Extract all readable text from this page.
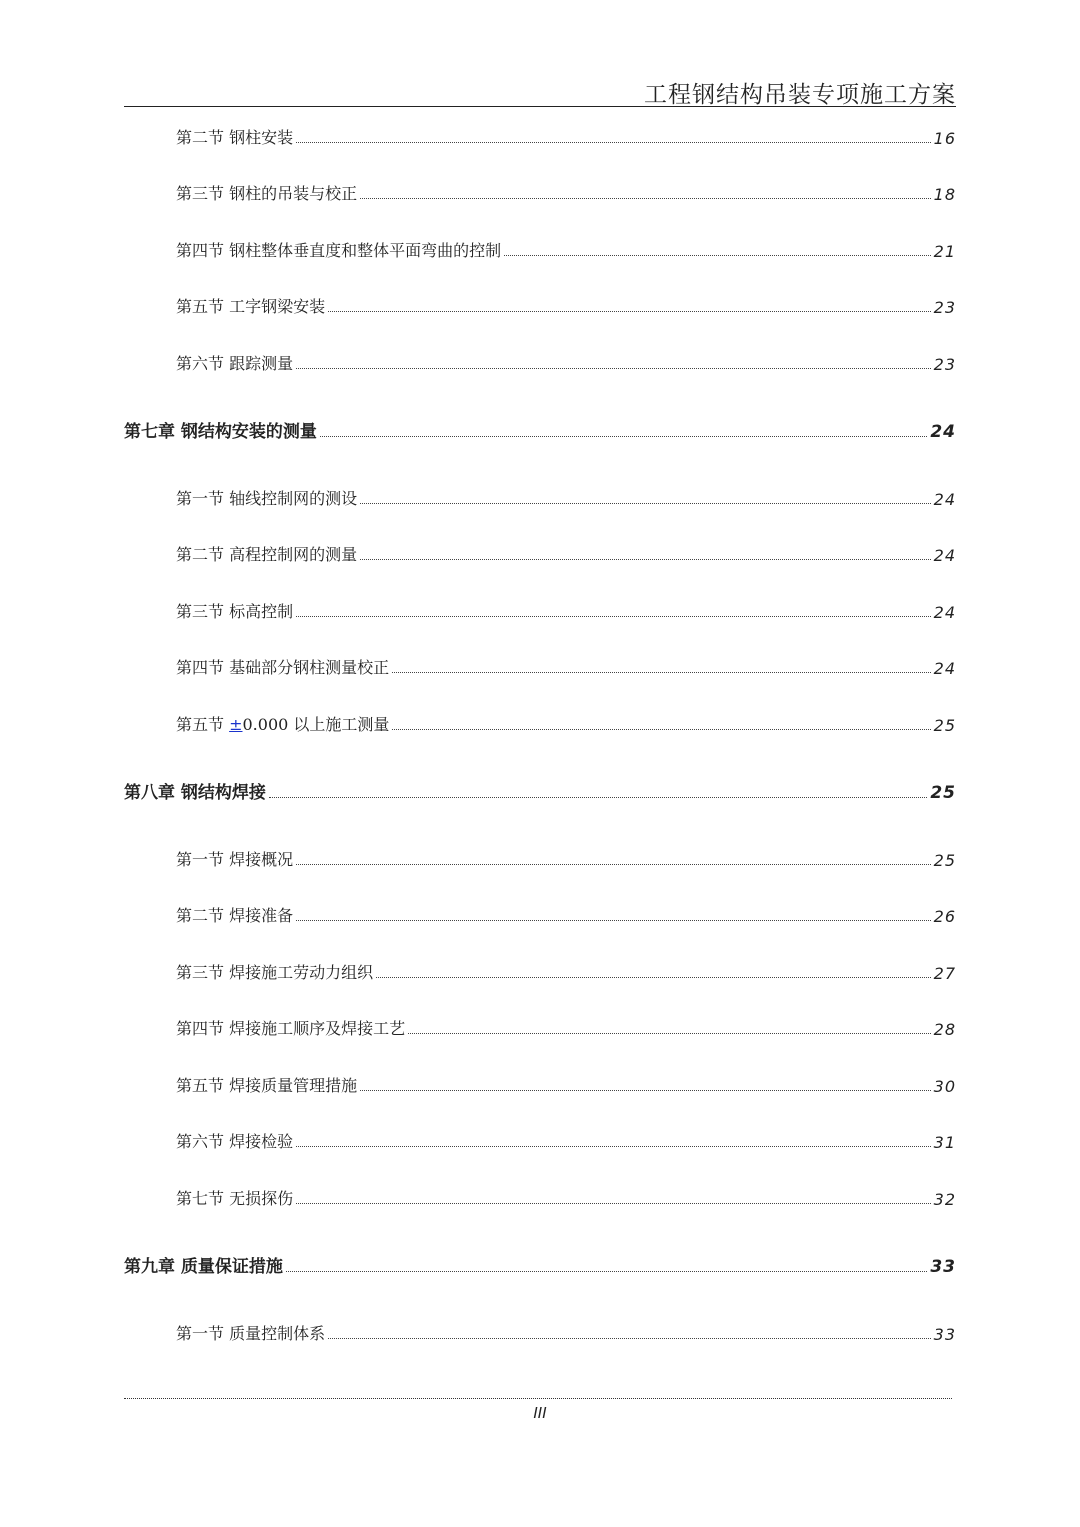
工程钢结构吊装专项施工方案
第二节 钢柱安装	16
第三节 钢柱的吊装与校正	18
第四节 钢柱整体垂直度和整体平面弯曲的控制	21
第五节 工字钢梁安装	23
第六节 跟踪测量	23
第七章 钢结构安装的测量	24
第一节 轴线控制网的测设	24
第二节 高程控制网的测量	24
第三节 标高控制	24
第四节 基础部分钢柱测量校正	24
第五节 ±0.000 以上施工测量	25
第八章 钢结构焊接	25
第一节 焊接概况	25
第二节 焊接准备	26
第三节 焊接施工劳动力组织	27
第四节 焊接施工顺序及焊接工艺	28
第五节 焊接质量管理措施	30
第六节 焊接检验	31
第七节 无损探伤	32
第九章 质量保证措施	33
第一节 质量控制体系	33
III
